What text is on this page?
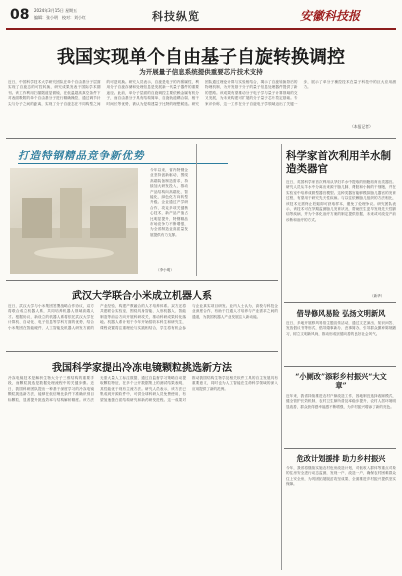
08 2024年3月15日 星期五
编辑：张小明　校对：刘小红	科技纵览	安徽科技报
我国实现单个自由基子自旋转换调控
为开展量子信息系统提供重要芯片技术支持
近日，中国科学技术大学研究团队在单个自由基分子层面实现了自旋态的可控转换，研究成果发表于国际学术期刊。该工作利用扫描隧道显微镜，在低温超高真空条件下对表面吸附的单个自由基分子进行精确操控，通过调节针尖与分子之间的距离，实现了分子自旋态在不同构型之间的可逆切换。研究人员表示，自旋是电子的内禀属性，利用分子自旋存储和处理信息是发展新一代量子器件的重要途径。此前，单分子层面的自旋调控主要依赖金属有机分子，而自由基分子具有结构简单、自旋轨道耦合弱、相干时间长等优势，被认为是构建量子比特的理想候选。研究团队通过理论计算与实验相结合，揭示了自旋转换背后的物理机制，为开发基于分子的量子信息处理器件提供了新的思路。该成果有望推动分子电子学与量子计算领域的交叉发展，为未来构建可扩展的分子量子芯片奠定基础。专家评价称，这一工作在分子自旋电子学领域迈出了关键一步，展示了单分子操控技术在量子科技中的巨大应用潜力。
（本报记者）
打造特钢精品竞争新优势
今年以来，省内特钢企业坚持创新驱动，围绕高端装备制造需求，持续加大研发投入，推动产品结构向高端化、智能化、绿色化方向转型升级。企业通过产学研合作，攻克多项关键核心技术，新产品产值占比明显提升，特钢精品市场竞争力不断增强，为全省制造业高质量发展提供有力支撑。
（李小明）
武汉大学联合小米成立机器人系
近日，武汉大学与小米集团签署战略合作协议，双方将联合成立机器人系，共同培养机器人领域高端人才。根据协议，新设立的机器人系将依托武汉大学在计算机、自动化、电子信息等学科方面的优势，结合小米集团在智能硬件、人工智能及机器人研发方面的产业经验，构建产教融合的人才培养体系。双方还将共建联合实验室，围绕具身智能、人形机器人、智能制造等前沿方向开展科研攻关，推动科研成果转化落地。机器人系计划于今年开始招收本科生和研究生，课程设置将注重理论与实践相结合，学生将有机会参与企业真实项目研发。业内人士认为，高校与科技企业深度合作，有助于打通人才培养与产业需求之间的通道，为我国机器人产业发展注入新动能。
我国科学家提出冷冻电镜颗粒挑选新方法
冷冻电镜技术是解析生物大分子三维结构的重要手段，而颗粒挑选是数据处理流程中的关键步骤。近日，我国科研团队提出一种基于深度学习的冷冻电镜颗粒挑选新方法，能够在低信噪比条件下准确识别目标颗粒，显著提升挑选效率与结构解析精度。该方法无需大量人工标注数据，通过自监督学习策略自动提取颗粒特征，在多个公开数据集上的测试结果表明，其性能优于现有主流方法。研究人员表示，该方法已集成到开源软件中，可供全球科研人员免费使用，有望加速蛋白质结构研究和新药研发进程。这一成果对推动我国结构生物学及相关软件工具的自主发展具有重要意义，同时也为人工智能在生命科学领域的深入应用提供了新的范例。
科学家首次利用羊水制造类器官
近日，英国科学家首次利用从孕妇羊水中提取的细胞培育出类器官。研究人员从羊水中分离出来源于胎儿肺、肾脏和小肠的干细胞，并在实验室中培养成微型器官模型。这种类器官能够模拟胎儿器官的发育过程，有望用于研究先天性疾病。与以往依赖胎儿组织的方法相比，该技术无需终止妊娠即可获取样本，避免了伦理争议。研究团队表示，该技术可在孕期监测胎儿发育状况，帮助医生更早发现先天性膈疝等疾病，并为个体化治疗方案的制定提供依据，未来或可改变产前诊断和治疗的方式。
（新华）
借导修风易险 弘扬文明新风
近日，多地开展移风易俗主题宣传活动，通过文艺演出、知识问答、发放倡议书等形式，倡导婚事新办、丧事简办，引导群众摒弃陈规陋习，树立文明新风尚，推动形成崇德向善的良好社会风气。
“小厕改”添彩乡村振兴“大文章”
近年来，我省持续推进农村户厕改造工作，因地制宜选择改厕模式，健全管护长效机制，农村卫生厕所普及率稳步提升，农村人居环境明显改善，群众获得感幸福感不断增强，为乡村振兴增添了新的亮色。
危改计划援排 助力乡村振兴
今年，我省将继续实施农村危房改造计划，对低收入群体等重点对象的住房安全进行动态监测，发现一户、改造一户，确保农村困难群众住上安全房，为巩固拓展脱贫攻坚成果、全面推进乡村振兴提供坚实保障。
